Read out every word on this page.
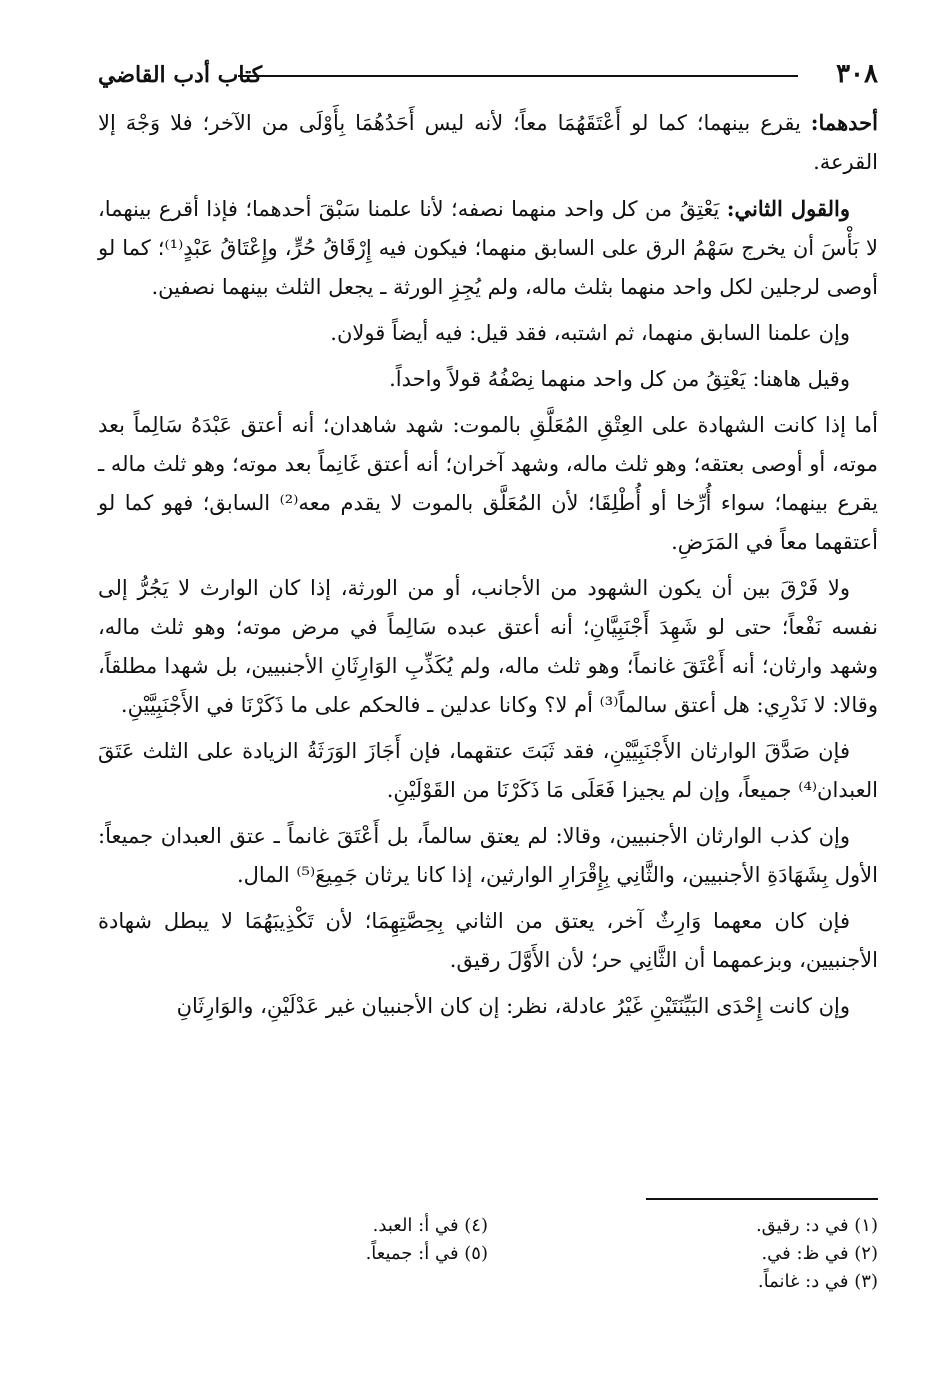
٣٠٨
كتاب أدب القاضي

أحدهما: يقرع بينهما؛ كما لو أَعْتَقَهُمَا معاً؛ لأنه ليس أَحَدُهُمَا بِأَوْلَى من الآخر؛ فلا وَجْهَ إلا القرعة.

والقول الثاني: يَعْتِقُ من كل واحد منهما نصفه؛ لأنا علمنا سَبْقَ أحدهما؛ فإذا أقرع بينهما، لا بَأْسَ أن يخرج سَهْمُ الرق على السابق منهما؛ فيكون فيه إِرْقَاقُ حُرٍّ، وإِعْتَاقُ عَبْدٍ⁽¹⁾؛ كما لو أوصى لرجلين لكل واحد منهما بثلث ماله، ولم يُجِزِ الورثة ـ يجعل الثلث بينهما نصفين.

وإن علمنا السابق منهما، ثم اشتبه، فقد قيل: فيه أيضاً قولان.

وقيل هاهنا: يَعْتِقُ من كل واحد منهما نِصْفُهُ قولاً واحداً.

أما إذا كانت الشهادة على العِتْقِ المُعَلَّقِ بالموت: شهد شاهدان؛ أنه أعتق عَبْدَهُ سَالِماً بعد موته، أو أوصى بعتقه؛ وهو ثلث ماله، وشهد آخران؛ أنه أعتق غَانِماً بعد موته؛ وهو ثلث ماله ـ يقرع بينهما؛ سواء أُرِّخا أو أُطْلِقَا؛ لأن المُعَلَّق بالموت لا يقدم معه⁽²⁾ السابق؛ فهو كما لو أعتقهما معاً في المَرَضِ.

ولا فَرْقَ بين أن يكون الشهود من الأجانب، أو من الورثة، إذا كان الوارث لا يَجُرُّ إلى نفسه نَفْعاً؛ حتى لو شَهِدَ أَجْنَبِيَّانِ؛ أنه أعتق عبده سَالِماً في مرض موته؛ وهو ثلث ماله، وشهد وارثان؛ أنه أَعْتَقَ غانماً؛ وهو ثلث ماله، ولم يُكَذِّبِ الوَارِثَانِ الأجنبيين، بل شهدا مطلقاً، وقالا: لا نَدْرِي: هل أعتق سالماً⁽³⁾ أم لا؟ وكانا عدلين ـ فالحكم على ما ذَكَرْنَا في الأَجْنَبِيَّيْنِ.

فإن صَدَّقَ الوارثان الأَجْنَبِيَّيْنِ، فقد ثَبَتَ عتقهما، فإن أَجَازَ الوَرَثَةُ الزيادة على الثلث عَتَقَ العبدان⁽⁴⁾ جميعاً، وإن لم يجيزا فَعَلَى مَا ذَكَرْنَا من القَوْلَيْنِ.

وإن كذب الوارثان الأجنبيين، وقالا: لم يعتق سالماً، بل أَعْتَقَ غانماً ـ عتق العبدان جميعاً: الأول بِشَهَادَةِ الأجنبيين، والثَّانِي بِإِقْرَارِ الوارثين، إذا كانا يرثان جَمِيعَ⁽⁵⁾ المال.

فإن كان معهما وَارِثٌ آخر، يعتق من الثاني بِحِصَّتِهِمَا؛ لأن تَكْذِيبَهُمَا لا يبطل شهادة الأجنبيين، وبزعمهما أن الثَّانِي حر؛ لأن الأَوَّلَ رقيق.

وإن كانت إِحْدَى البَيِّنَتَيْنِ غَيْرُ عادلة، نظر: إن كان الأجنبيان غير عَدْلَيْنِ، والوَارِثَانِ

(١) في د: رقيق.
(٢) في ظ: في.
(٣) في د: غانماً.
(٤) في أ: العبد.
(٥) في أ: جميعاً.
